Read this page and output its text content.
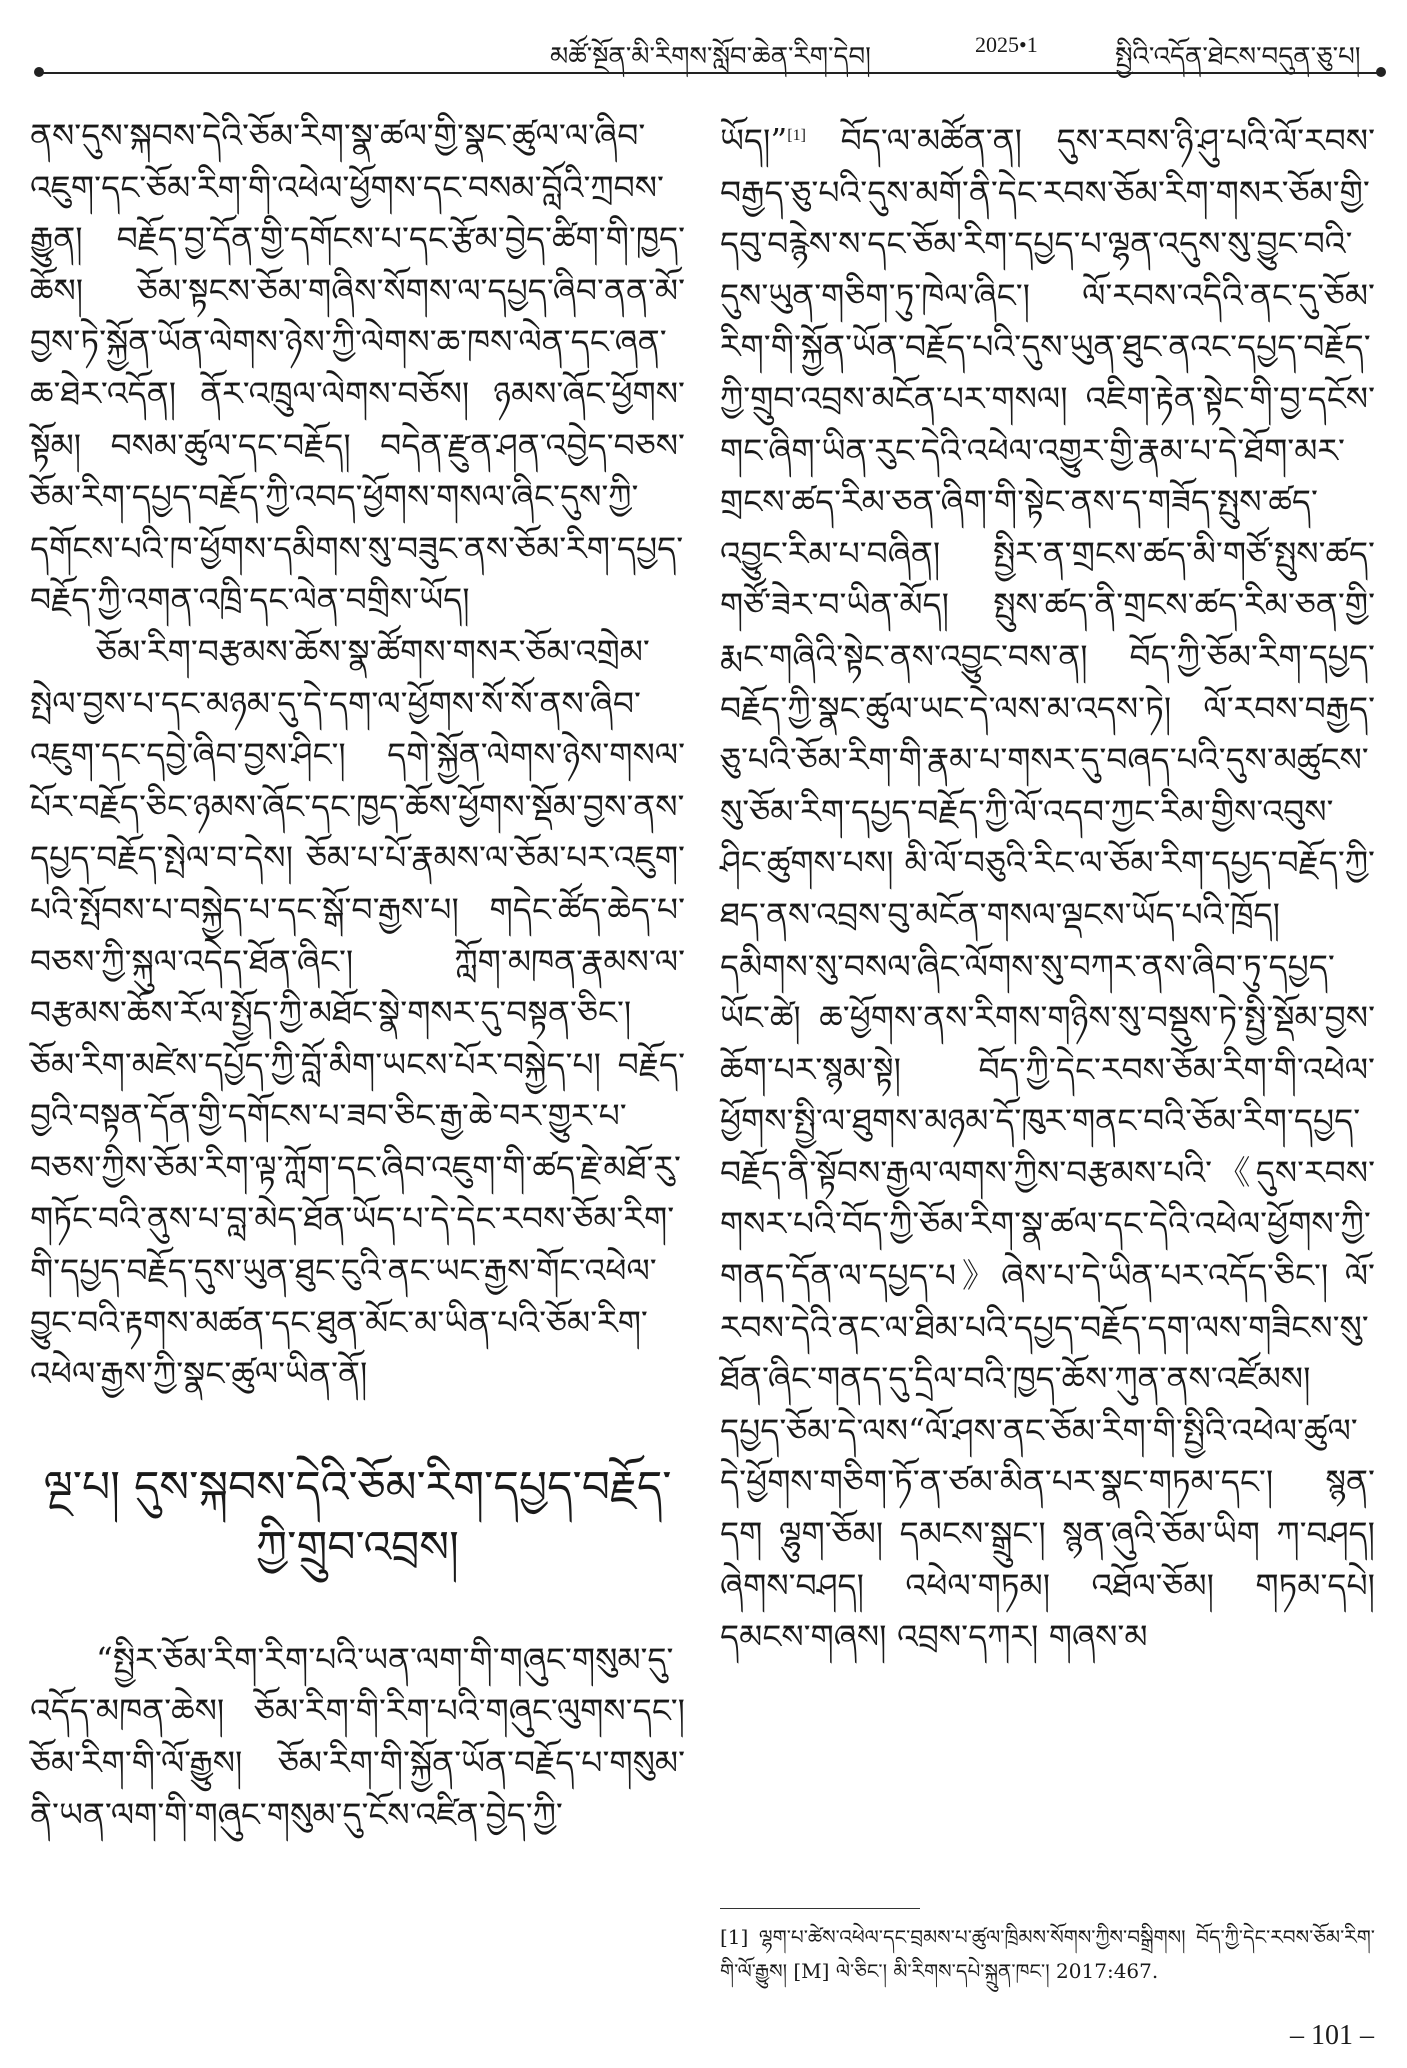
མཚོ་སྔོན་མི་རིགས་སློབ་ཆེན་རིག་དེབ།	2025•1	སྤྱིའི་འདོན་ཐེངས་བདུན་ཅུ་པ།

ནས་དུས་སྐབས་དེའི་ཅོམ་རིག་སྣ་ཚལ་གྱི་སྣང་ཚུལ་ལ་ཞིབ་འཇུག་དང་ཅོམ་རིག་གི་འཕེལ་ཕྱོགས་དང་བསམ་བློའི་ཀྲབས་རྒྱུན། བརྗོད་བྱ་དོན་གྱི་དགོངས་པ་དང་རྩོམ་བྱེད་ཚིག་གི་ཁྱད་ཆོས། ཅོམ་སྟངས་ཅོམ་གཞིས་སོགས་ལ་དཔྱད་ཞིབ་ནན་མོ་བྱས་ཏེ་སྐྱོན་ཡོན་ལེགས་ཉེས་ཀྱི་ལེགས་ཆ་ཁས་ལེན་དང་ཞན་ཆ་ཐེར་འདོན། ནོར་འཁྲུལ་ལེགས་བཅོས། ཉམས་ཞོང་ཕྱོགས་སྟོམ། བསམ་ཚུལ་དང་བརྗོད། བདེན་རྫུན་ཤན་འབྱེད་བཅས་ཅོམ་རིག་དཔྱད་བརྗོད་ཀྱི་འབད་ཕྱོགས་གསལ་ཞིང་དུས་ཀྱི་དགོངས་པའི་ཁ་ཕྱོགས་དམིགས་སུ་བཟུང་ནས་ཅོམ་རིག་དཔྱད་བརྗོད་ཀྱི་འགན་འཁྲི་དང་ལེན་བགྲིས་ཡོད།

ཅོམ་རིག་བརྩམས་ཆོས་སྣ་ཚོགས་གསར་ཅོམ་འགྲེམ་སྤེལ་བྱས་པ་དང་མཉམ་དུ་དེ་དག་ལ་ཕྱོགས་སོ་སོ་ནས་ཞིབ་འཇུག་དང་དབྱེ་ཞིབ་བྱས་ཤིང་། དགེ་སྐྱོན་ལེགས་ཉེས་གསལ་པོར་བརྗོད་ཅིང་ཉམས་ཞོང་དང་ཁྱད་ཆོས་ཕྱོགས་སྡོམ་བྱས་ནས་དཔྱད་བརྗོད་སྤེལ་བ་དེས། ཅོམ་པ་པོ་རྣམས་ལ་ཅོམ་པར་འཇུག་པའི་སྤོབས་པ་བསྐྱེད་པ་དང་སྒོ་བ་རྒྱས་པ། གདེང་ཚོད་ཆེད་པ་བཅས་ཀྱི་སྐུལ་འདེད་ཐོན་ཞིང་། ཀློག་མཁན་རྣམས་ལ་བརྩམས་ཆོས་རོལ་སྤྱོད་ཀྱི་མཐོང་སྣེ་གསར་དུ་བསྟན་ཅིང་། ཅོམ་རིག་མཛེས་དཔྱོད་ཀྱི་བློ་མིག་ཡངས་པོར་བསྐྱེད་པ། བརྗོད་བྱའི་བསྟན་དོན་གྱི་དགོངས་པ་ཟབ་ཅིང་རྒྱ་ཆེ་བར་གྱུར་པ་བཅས་ཀྱིས་ཅོམ་རིག་ལྟ་ཀློག་དང་ཞིབ་འཇུག་གི་ཚད་རྗེ་མཐོ་རུ་གཏོང་བའི་ནུས་པ་བླ་མེད་ཐོན་ཡོད་པ་དེ་དེང་རབས་ཅོམ་རིག་གི་དཔྱད་བརྗོད་དུས་ཡུན་ཐུང་ངུའི་ནང་ཡང་རྒྱས་གོང་འཕེལ་བྱུང་བའི་རྟགས་མཚན་དང་ཐུན་མོང་མ་ཡིན་པའི་ཅོམ་རིག་འཕེལ་རྒྱས་ཀྱི་སྣང་ཚུལ་ཡིན་ནོ།

ལྔ་པ། དུས་སྐབས་དེའི་ཅོམ་རིག་དཔྱད་བརྗོད་ཀྱི་གྲུབ་འབྲས།

“སྤྱིར་ཅོམ་རིག་རིག་པའི་ཡན་ལག་གི་གཞུང་གསུམ་དུ་འདོད་མཁན་ཆེས། ཅོམ་རིག་གི་རིག་པའི་གཞུང་ལུགས་དང་། ཅོམ་རིག་གི་ལོ་རྒྱུས། ཅོམ་རིག་གི་སྐྱོན་ཡོན་བརྗོད་པ་གསུམ་ནི་ཡན་ལག་གི་གཞུང་གསུམ་དུ་ངོས་འཛིན་བྱེད་ཀྱི་

ཡོད།”[1] བོད་ལ་མཚོན་ན། དུས་རབས་ཉི་ཤུ་པའི་ལོ་རབས་བརྒྱད་ཅུ་པའི་དུས་མགོ་ནི་དེང་རབས་ཅོམ་རིག་གསར་ཅོམ་གྱི་དབུ་བརྙེས་ས་དང་ཅོམ་རིག་དཔྱད་པ་ལྷན་འདུས་སུ་བྱུང་བའི་དུས་ཡུན་གཅིག་ཏུ་ཁེལ་ཞིང་། ལོ་རབས་འདིའི་ནང་དུ་ཅོམ་རིག་གི་སྐྱོན་ཡོན་བརྗོད་པའི་དུས་ཡུན་ཐུང་ནའང་དཔྱད་བརྗོད་ཀྱི་གྲུབ་འབྲས་མངོན་པར་གསལ། འཇིག་རྟེན་སྟེང་གི་བྱ་དངོས་གང་ཞིག་ཡིན་རུང་དེའི་འཕེལ་འགྱུར་གྱི་རྣམ་པ་དེ་ཐོག་མར་གྲངས་ཚད་རིམ་ཅན་ཞིག་གི་སྟེང་ནས་ད་གཟོད་སྤུས་ཚད་འབྱུང་རིམ་པ་བཞིན། སྤྱིར་ན་གྲངས་ཚད་མི་གཙོ་སྤུས་ཚད་གཙོ་ཟེར་བ་ཡིན་མོད། སྤུས་ཚད་ནི་གྲངས་ཚད་རིམ་ཅན་གྱི་རྨང་གཞིའི་སྟེང་ནས་འབྱུང་བས་ན། བོད་ཀྱི་ཅོམ་རིག་དཔྱད་བརྗོད་ཀྱི་སྣང་ཚུལ་ཡང་དེ་ལས་མ་འདས་ཏེ། ལོ་རབས་བརྒྱད་ཅུ་པའི་ཅོམ་རིག་གི་རྣམ་པ་གསར་དུ་བཞད་པའི་དུས་མཚུངས་སུ་ཅོམ་རིག་དཔྱད་བརྗོད་ཀྱི་ལོ་འདབ་ཀྱང་རིམ་གྱིས་འབུས་ཤིང་ཚུགས་པས། མི་ལོ་བཅུའི་རིང་ལ་ཅོམ་རིག་དཔྱད་བརྗོད་ཀྱི་ཐད་ནས་འབྲས་བུ་མངོན་གསལ་ལྡངས་ཡོད་པའི་ཁྲོད། དམིགས་སུ་བསལ་ཞིང་ལོགས་སུ་བཀར་ནས་ཞིབ་ཏུ་དཔྱད་ཡོང་ཚེ། ཆ་ཕྱོགས་ནས་རིགས་གཉིས་སུ་བསྡུས་ཏེ་སྤྱི་སྡོམ་བྱས་ཆོག་པར་སྙམ་སྟེ། བོད་ཀྱི་དེང་རབས་ཅོམ་རིག་གི་འཕེལ་ཕྱོགས་སྤྱི་ལ་ཐུགས་མཉམ་དོ་ཁུར་གནང་བའི་ཅོམ་རིག་དཔྱད་བརྗོད་ནི་སྟོབས་རྒྱལ་ལགས་ཀྱིས་བརྩམས་པའི་《དུས་རབས་གསར་པའི་བོད་ཀྱི་ཅོམ་རིག་སྣ་ཚལ་དང་དེའི་འཕེལ་ཕྱོགས་ཀྱི་གནད་དོན་ལ་དཔྱད་པ》ཞེས་པ་དེ་ཡིན་པར་འདོད་ཅིང་། ལོ་རབས་དེའི་ནང་ལ་ཐིམ་པའི་དཔྱད་བརྗོད་དག་ལས་གཟིངས་སུ་ཐོན་ཞིང་གནད་དུ་དྲིལ་བའི་ཁྱད་ཆོས་ཀུན་ནས་འཛོམས། དཔྱད་ཅོམ་དེ་ལས“ལོ་ཤས་ནང་ཅོམ་རིག་གི་སྤྱིའི་འཕེལ་ཚུལ་དེ་ཕྱོགས་གཅིག་ཏོ་ན་ཙམ་མིན་པར་སྣང་གཏམ་དང་། སྙན་དག ལྷུག་ཅོམ། དམངས་སྒྲུང་། སྙན་ཞུའི་ཅོམ་ཡིག ཀ་བཤད། ཞེགས་བཤད། འཕེལ་གཏམ། འཐོལ་ཅོམ། གཏམ་དཔེ། དམངས་གཞས། འབྲས་དཀར། གཞས་མ

[1] ལྷག་པ་ཚེས་འཕེལ་དང་བྲམས་པ་ཚུལ་ཁྲིམས་སོགས་ཀྱིས་བསྒྲིགས། བོད་ཀྱི་དེང་རབས་ཅོམ་རིག་གི་ལོ་རྒྱུས། [M] ལེ་ཅིང་། མི་རིགས་དཔེ་སྐྲུན་ཁང་། 2017:467.
– 101 –
